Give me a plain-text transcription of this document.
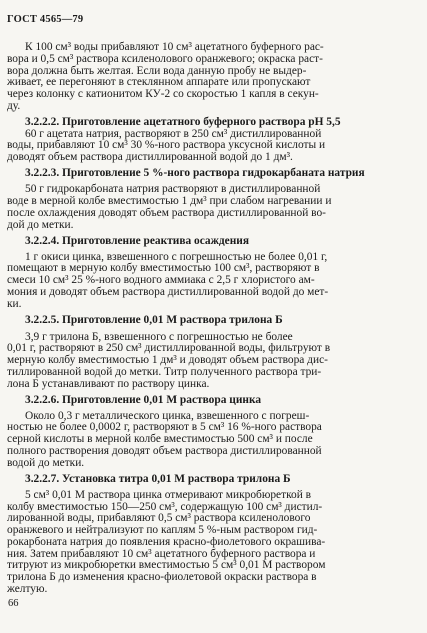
ГОСТ 4565—79
К 100 см³ воды прибавляют 10 см³ ацетатного буферного рас-
вора и 0,5 см³ раствора ксиленолового оранжевого; окраска раст-
вора должна быть желтая. Если вода данную пробу не выдер-
живает, ее перегоняют в стеклянном аппарате или пропускают
через колонку с катионитом КУ-2 со скоростью 1 капля в секун-
ду.
3.2.2.2. Приготовление ацетатного буферного раствора рН 5,5
60 г ацетата натрия, растворяют в 250 см³ дистиллированной
воды, прибавляют 10 см³ 30 %-ного раствора уксусной кислоты и
доводят объем раствора дистиллированной водой до 1 дм³.
3.2.2.3. Приготовление 5 %-ного раствора гидрокарбаната натрия
50 г гидрокарбоната натрия растворяют в дистиллированной
воде в мерной колбе вместимостью 1 дм³ при слабом нагревании и
после охлаждения доводят объем раствора дистиллированной во-
дой до метки.
3.2.2.4. Приготовление реактива осаждения
1 г окиси цинка, взвешенного с погрешностью не более 0,01 г,
помещают в мерную колбу вместимостью 100 см³, растворяют в
смеси 10 см³ 25 %-ного водного аммиака с 2,5 г хлористого ам-
мония и доводят объем раствора дистиллированной водой до мет-
ки.
3.2.2.5. Приготовление 0,01 М раствора трилона Б
3,9 г трилона Б, взвешенного с погрешностью не более
0,01 г, растворяют в 250 см³ дистиллированной воды, фильтруют в
мерную колбу вместимостью 1 дм³ и доводят объем раствора дис-
тиллированной водой до метки. Титр полученного раствора три-
лона Б устанавливают по раствору цинка.
3.2.2.6. Приготовление 0,01 М раствора цинка
Около 0,3 г металлического цинка, взвешенного с погреш-
ностью не более 0,0002 г, растворяют в 5 см³ 16 %-ного раствора
серной кислоты в мерной колбе вместимостью 500 см³ и после
полного растворения доводят объем раствора дистиллированной
водой до метки.
3.2.2.7. Установка титра 0,01 М раствора трилона Б
5 см³ 0,01 М раствора цинка отмеривают микробюреткой в
колбу вместимостью 150—250 см³, содержащую 100 см³ дистил-
лированной воды, прибавляют 0,5 см³ раствора ксиленолового
оранжевого и нейтрализуют по каплям 5 %-ным раствором гид-
рокарбоната натрия до появления красно-фиолетового окрашива-
ния. Затем прибавляют 10 см³ ацетатного буферного раствора и
титруют из микробюретки вместимостью 5 см³ 0,01 М раствором
трилона Б до изменения красно-фиолетовой окраски раствора в
желтую.
66
